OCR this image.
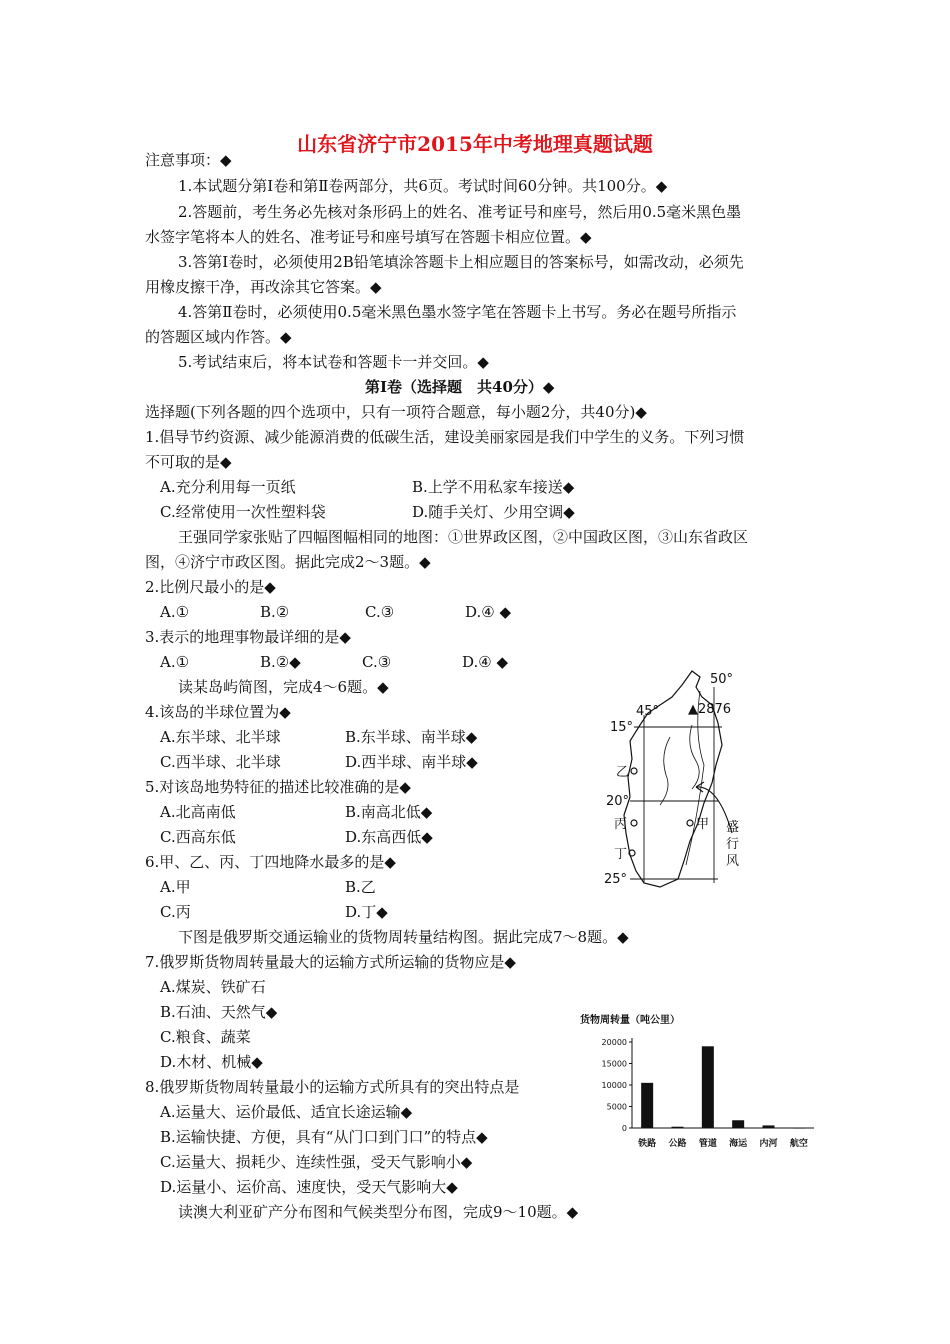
山东省济宁市2015年中考地理真题试题
注意事项：◆
1.本试题分第Ⅰ卷和第Ⅱ卷两部分，共6页。考试时间60分钟。共100分。◆
2.答题前，考生务必先核对条形码上的姓名、准考证号和座号，然后用0.5毫米黑色墨
水签字笔将本人的姓名、准考证号和座号填写在答题卡相应位置。◆
3.答第Ⅰ卷时，必须使用2B铅笔填涂答题卡上相应题目的答案标号，如需改动，必须先
用橡皮擦干净，再改涂其它答案。◆
4.答第Ⅱ卷时，必须使用0.5毫米黑色墨水签字笔在答题卡上书写。务必在题号所指示
的答题区域内作答。◆
5.考试结束后，将本试卷和答题卡一并交回。◆
第Ⅰ卷（选择题　共40分）◆
选择题(下列各题的四个选项中，只有一项符合题意，每小题2分，共40分)◆
1.倡导节约资源、减少能源消费的低碳生活，建设美丽家园是我们中学生的义务。下列习惯
不可取的是◆
A.充分利用每一页纸	B.上学不用私家车接送◆
C.经常使用一次性塑料袋	D.随手关灯、少用空调◆
王强同学家张贴了四幅图幅相同的地图：①世界政区图，②中国政区图，③山东省政区
图，④济宁市政区图。据此完成2～3题。◆
2.比例尺最小的是◆
A.①	B.②	C.③	D.④ ◆
3.表示的地理事物最详细的是◆
A.①	B.②◆	C.③	D.④ ◆
读某岛屿简图，完成4～6题。◆
4.该岛的半球位置为◆
A.东半球、北半球	B.东半球、南半球◆
C.西半球、北半球	D.西半球、南半球◆
5.对该岛地势特征的描述比较准确的是◆
A.北高南低	B.南高北低◆
C.西高东低	D.东高西低◆
6.甲、乙、丙、丁四地降水最多的是◆
A.甲	B.乙
C.丙	D.丁◆
下图是俄罗斯交通运输业的货物周转量结构图。据此完成7～8题。◆
7.俄罗斯货物周转量最大的运输方式所运输的货物应是◆
A.煤炭、铁矿石
B.石油、天然气◆
C.粮食、蔬菜
D.木材、机械◆
8.俄罗斯货物周转量最小的运输方式所具有的突出特点是
A.运量大、运价最低、适宜长途运输◆
B.运输快捷、方便，具有“从门口到门口”的特点◆
C.运量大、损耗少、连续性强，受天气影响小◆
D.运量小、运价高、速度快，受天气影响大◆
读澳大利亚矿产分布图和气候类型分布图，完成9～10题。◆
45°
50°
▲2876
15°
20°
25°
乙
丙	甲
丁
盛
行
风
货物周转量（吨公里）
0
5000
10000
15000
20000
铁路 公路 管道 海运 内河 航空
